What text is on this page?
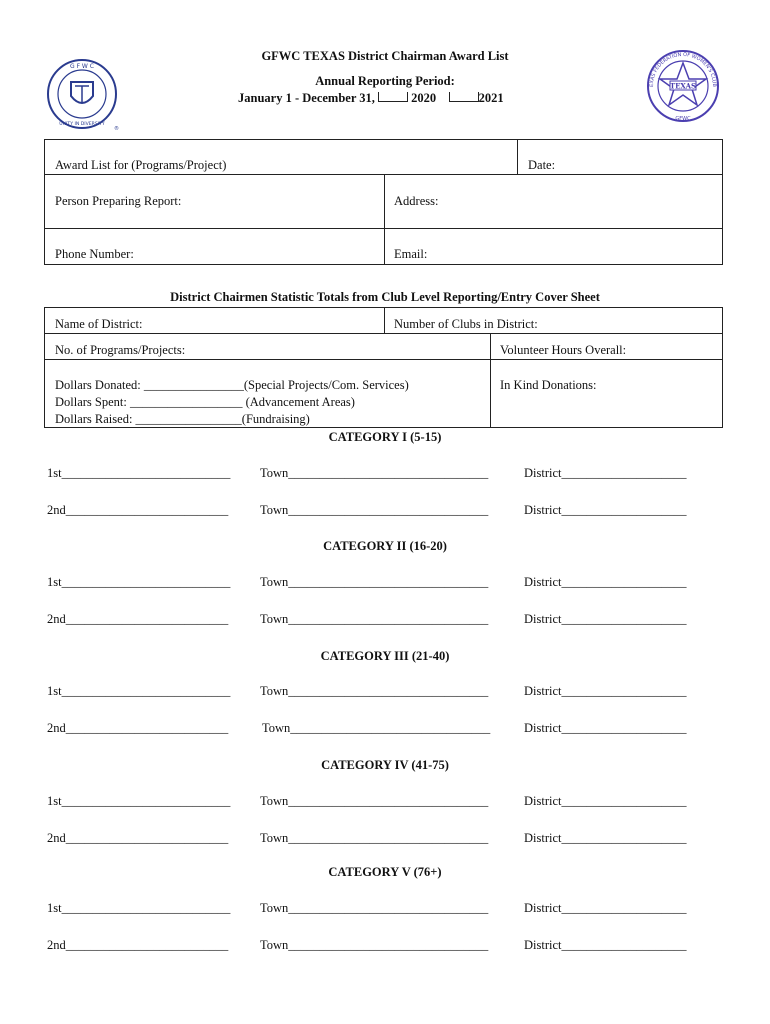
G F W C
UNITY IN DIVERSITY
®
TEXAS
EXAS FEDERATION OF WOMEN'S CLUB
GFWC
GFWC TEXAS District Chairman Award List
Annual Reporting Period:
January 1 - December 31,	2020	2021
Award List for (Programs/Project)	Date:
Person Preparing Report:	Address:
Phone Number:	Email:
District Chairmen Statistic Totals from Club Level Reporting/Entry Cover Sheet
Name of District:	Number of Clubs in District:
No. of Programs/Projects:	Volunteer Hours Overall:
Dollars Donated: ________________(Special Projects/Com. Services)
Dollars Spent: __________________ (Advancement Areas)
Dollars Raised: _________________(Fundraising)
In Kind Donations:
CATEGORY I (5-15)
1st___________________________ Town________________________________	District____________________
2nd__________________________	Town________________________________	District____________________
CATEGORY II (16-20)
1st___________________________ Town________________________________	District____________________
2nd__________________________	Town________________________________	District____________________
CATEGORY III (21-40)
1st___________________________ Town________________________________	District____________________
2nd__________________________	Town________________________________	District____________________
CATEGORY IV (41-75)
1st___________________________ Town________________________________	District____________________
2nd__________________________	Town________________________________	District____________________
CATEGORY V (76+)
1st___________________________ Town________________________________	District____________________
2nd__________________________	Town________________________________	District____________________
